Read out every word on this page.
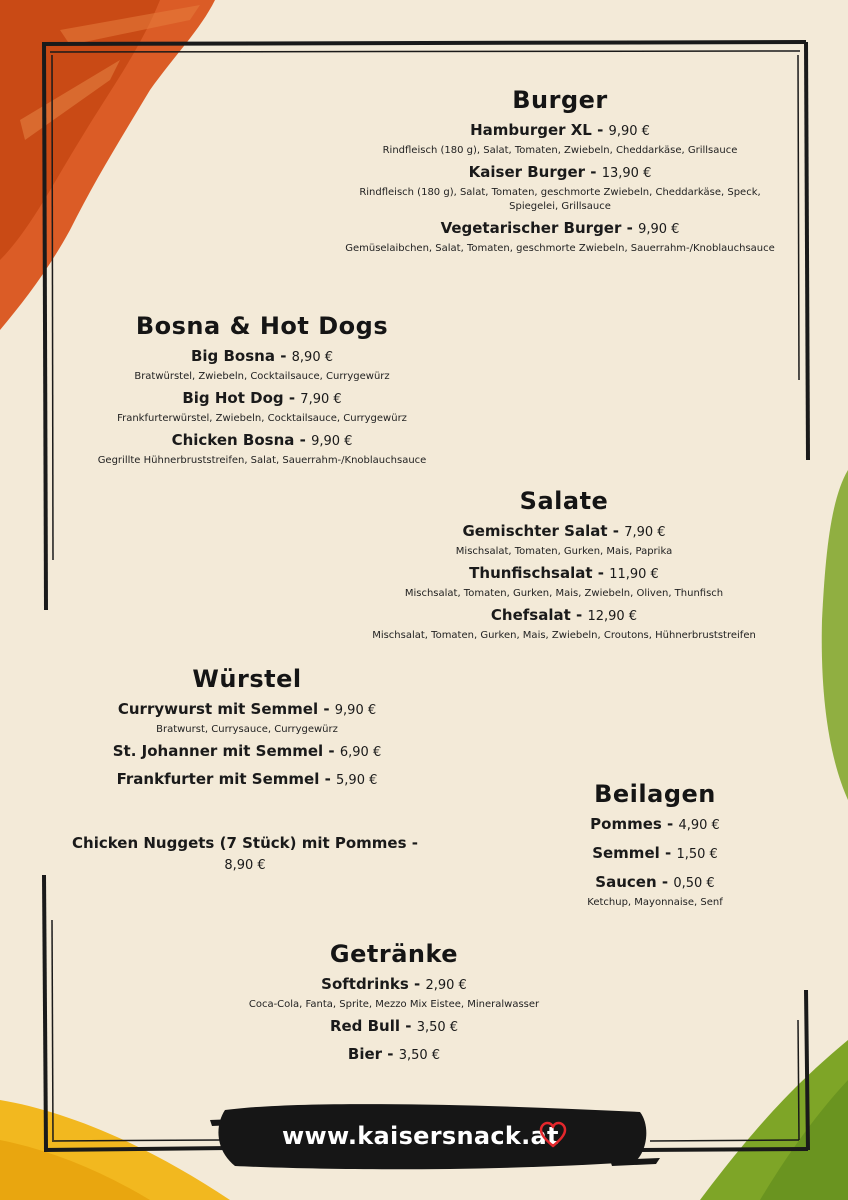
Burger
Hamburger XL - 9,90 €
Rindfleisch (180 g), Salat, Tomaten, Zwiebeln, Cheddarkäse, Grillsauce
Kaiser Burger - 13,90 €
Rindfleisch (180 g), Salat, Tomaten, geschmorte Zwiebeln, Cheddarkäse, Speck, Spiegelei, Grillsauce
Vegetarischer Burger - 9,90 €
Gemüselaibchen, Salat, Tomaten, geschmorte Zwiebeln, Sauerrahm-/Knoblauchsauce
Bosna & Hot Dogs
Big Bosna - 8,90 €
Bratwürstel, Zwiebeln, Cocktailsauce, Currygewürz
Big Hot Dog - 7,90 €
Frankfurterwürstel, Zwiebeln, Cocktailsauce, Currygewürz
Chicken Bosna - 9,90 €
Gegrillte Hühnerbruststreifen, Salat, Sauerrahm-/Knoblauchsauce
Salate
Gemischter Salat - 7,90 €
Mischsalat, Tomaten, Gurken, Mais, Paprika
Thunfischsalat - 11,90 €
Mischsalat, Tomaten, Gurken, Mais, Zwiebeln, Oliven, Thunfisch
Chefsalat - 12,90 €
Mischsalat, Tomaten, Gurken, Mais, Zwiebeln, Croutons, Hühnerbruststreifen
Würstel
Currywurst mit Semmel - 9,90 €
Bratwurst, Currysauce, Currygewürz
St. Johanner mit Semmel - 6,90 €
Frankfurter mit Semmel - 5,90 €
Chicken Nuggets (7 Stück) mit Pommes - 8,90 €
Beilagen
Pommes - 4,90 €
Semmel - 1,50 €
Saucen - 0,50 €
Ketchup, Mayonnaise, Senf
Getränke
Softdrinks - 2,90 €
Coca-Cola, Fanta, Sprite, Mezzo Mix Eistee, Mineralwasser
Red Bull - 3,50 €
Bier - 3,50 €
www.kaisersnack.at
